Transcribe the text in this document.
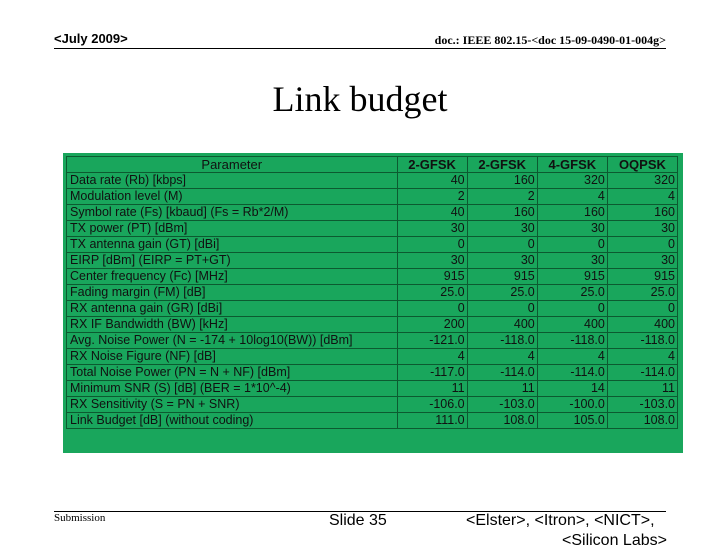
<July 2009>	doc.: IEEE 802.15-<doc 15-09-0490-01-004g>
Link budget
Parameter	2-GFSK	2-GFSK	4-GFSK	OQPSK
Data rate (Rb) [kbps]	40	160	320	320
Modulation level (M)	2	2	4	4
Symbol rate (Fs) [kbaud] (Fs = Rb*2/M)	40	160	160	160
TX power (PT) [dBm]	30	30	30	30
TX antenna gain (GT) [dBi]	0	0	0	0
EIRP [dBm] (EIRP = PT+GT)	30	30	30	30
Center frequency (Fc) [MHz]	915	915	915	915
Fading margin (FM) [dB]	25.0	25.0	25.0	25.0
RX antenna gain (GR) [dBi]	0	0	0	0
RX IF Bandwidth (BW) [kHz]	200	400	400	400
Avg. Noise Power (N = -174 + 10log10(BW)) [dBm]	-121.0	-118.0	-118.0	-118.0
RX Noise Figure (NF) [dB]	4	4	4	4
Total Noise Power (PN = N + NF) [dBm]	-117.0	-114.0	-114.0	-114.0
Minimum SNR (S) [dB] (BER = 1*10^-4)	11	11	14	11
RX Sensitivity (S = PN + SNR)	-106.0	-103.0	-100.0	-103.0
Link Budget [dB] (without coding)	111.0	108.0	105.0	108.0
Submission	Slide 35	<Elster>, <Itron>, <NICT>,
<Silicon Labs>
